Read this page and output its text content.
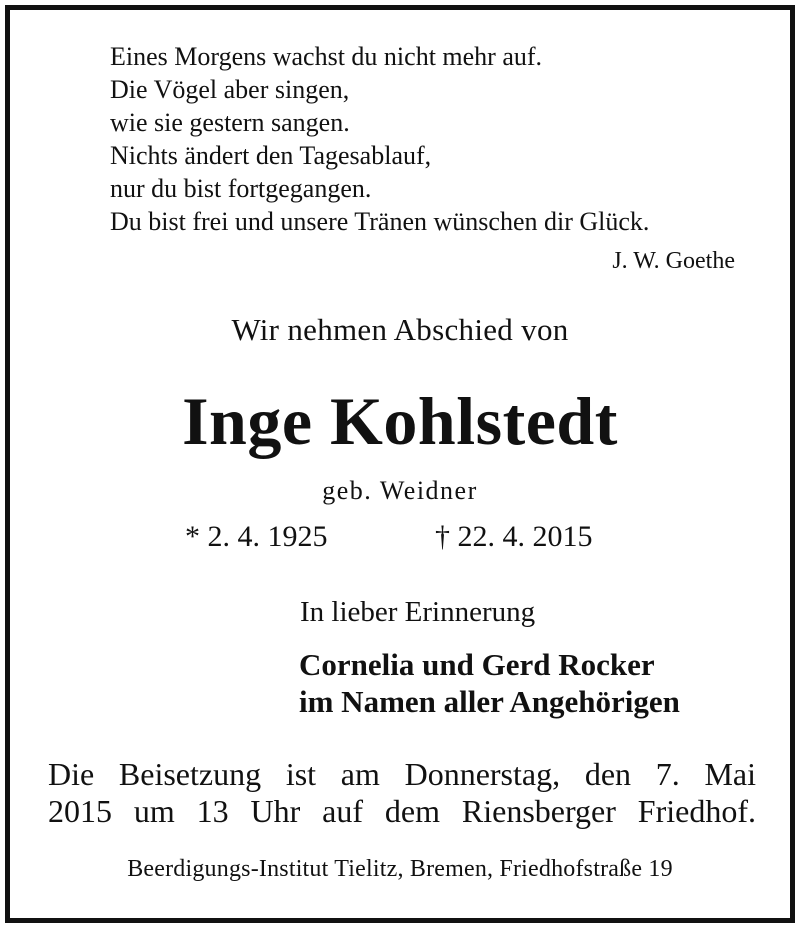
Eines Morgens wachst du nicht mehr auf.
Die Vögel aber singen,
wie sie gestern sangen.
Nichts ändert den Tagesablauf,
nur du bist fortgegangen.
Du bist frei und unsere Tränen wünschen dir Glück.
J. W. Goethe
Wir nehmen Abschied von
Inge Kohlstedt
geb. Weidner
* 2. 4. 1925	† 22. 4. 2015
In lieber Erinnerung
Cornelia und Gerd Rocker
im Namen aller Angehörigen
Die Beisetzung ist am Donnerstag, den 7. Mai
2015 um 13 Uhr auf dem Riensberger Friedhof.
Beerdigungs-Institut Tielitz, Bremen, Friedhofstraße 19
